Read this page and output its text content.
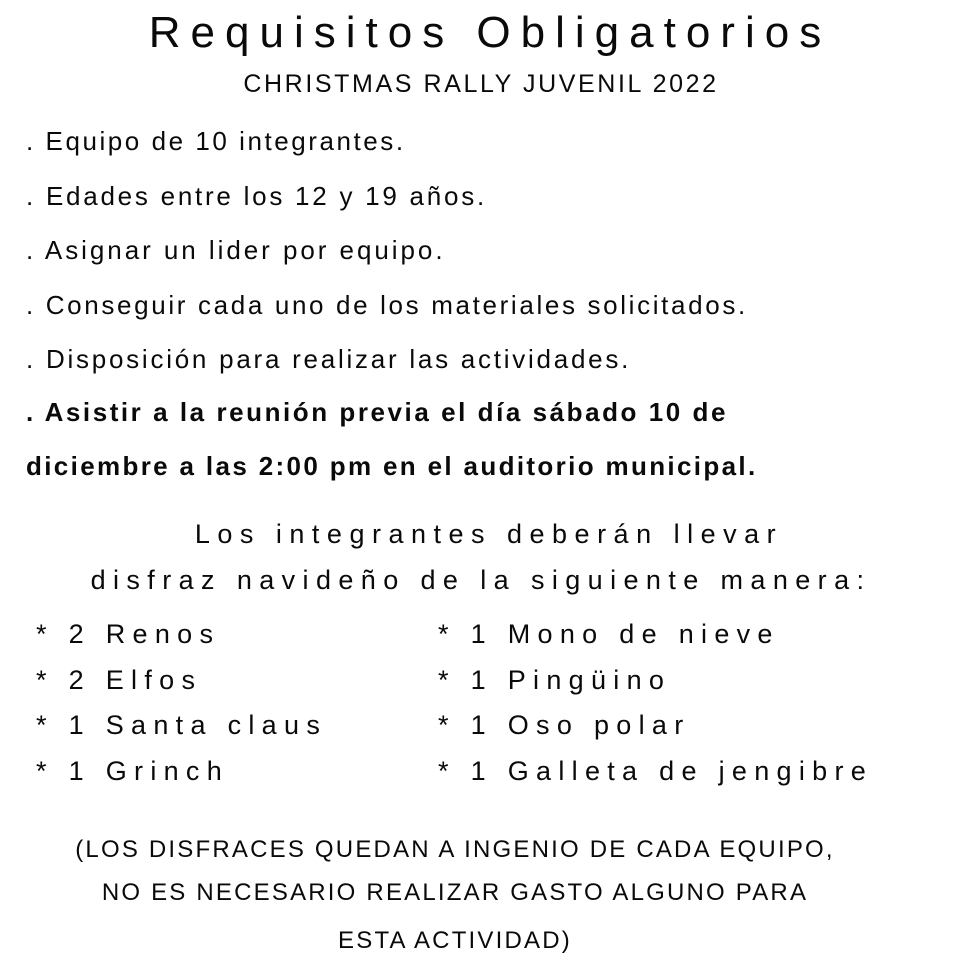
Requisitos Obligatorios
CHRISTMAS RALLY JUVENIL 2022
. Equipo de 10 integrantes.
. Edades entre los 12 y 19 años.
. Asignar un lider por equipo.
. Conseguir cada uno de los materiales solicitados.
. Disposición para realizar las actividades.
. Asistir a la reunión previa el día sábado 10 de
diciembre a las 2:00 pm en el auditorio municipal.
Los integrantes deberán llevar
disfraz navideño de la siguiente manera:
* 2 Renos
* 2 Elfos
* 1 Santa claus
* 1 Grinch
* 1 Mono de nieve
* 1 Pingüino
* 1 Oso polar
* 1 Galleta de jengibre
(LOS DISFRACES QUEDAN A INGENIO DE CADA EQUIPO,
NO ES NECESARIO REALIZAR GASTO ALGUNO PARA
ESTA ACTIVIDAD)
